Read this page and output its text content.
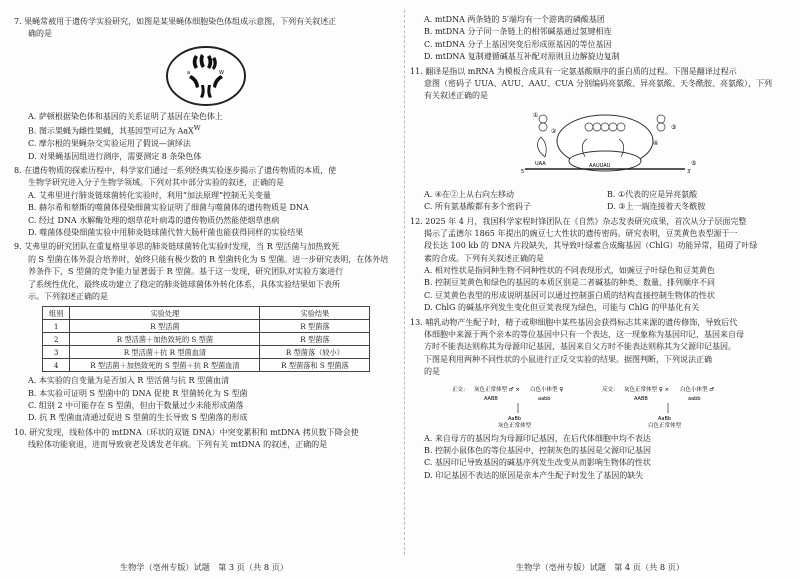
7. 果蝇常被用于遗传学实验研究，如图是某果蝇体细胞染色体组成示意图，下列有关叙述正

确的是

a	W

A. 萨顿根据染色体和基因的关系证明了基因在染色体上

B. 图示果蝇为雌性果蝇，其基因型可记为 AaX$^W$

C. 摩尔根的果蝇杂交实验运用了假说—演绎法

D. 对果蝇基因组进行测序，需要测定 8 条染色体

8. 在遗传物质的探索历程中，科学家们通过一系列经典实验逐步揭示了遗传物质的本质，使

生物学研究进入分子生物学领域。下列对其中部分实验的叙述，正确的是

A. 艾弗里进行肺炎链球菌转化实验时，利用“加法原理”控制无关变量

B. 赫尔希和蔡斯的噬菌体侵染细菌实验证明了细菌与噬菌体的遗传物质是 DNA

C. 经过 DNA 水解酶处理的烟草花叶病毒的遗传物质仍然能使烟草患病

D. 噬菌体侵染细菌实验中用肺炎链球菌代替大肠杆菌也能获得同样的实验结果

9. 艾弗里的研究团队在重复格里菲思的肺炎链球菌转化实验时发现，当 R 型活菌与加热致死

的 S 型菌在体外混合培养时，始终只能有极少数的 R 型菌转化为 S 型菌。进一步研究表明，在体外培

养条件下，S 型菌的竞争能力显著弱于 R 型菌。基于这一发现，研究团队对实验方案进行

了系统性优化，最终成功建立了稳定的肺炎链球菌体外转化体系，具体实验结果如下表所

示。下列叙述正确的是

组别	实验处理	实验结果
1	R 型活菌	R 型菌落
2	R 型活菌＋加热致死的 S 型菌	R 型菌落
3	R 型活菌＋抗 R 型菌血清	R 型菌落（较小）
4	R 型活菌＋加热致死的 S 型菌＋抗 R 型菌血清	R 型菌落和 S 型菌落

A. 本实验的自变量为是否加入 R 型活菌与抗 R 型菌血清

B. 本实验可证明 S 型菌中的 DNA 促使 R 型菌转化为 S 型菌

C. 组别 2 中可能存在 S 型菌，但由于数量过少未能形成菌落

D. 抗 R 型菌血清通过促进 S 型菌的生长导致 S 型菌落的形成

10. 研究发现，线粒体中的 mtDNA（环状的双链 DNA）中突变累积和 mtDNA 拷贝数下降会使

线粒体功能衰退，进而导致衰老及诱发老年病。下列有关 mtDNA 的叙述，正确的是

A. mtDNA 两条链的 5′端均有一个游离的磷酸基团

B. mtDNA 分子同一条链上的相邻碱基通过氢键相连

C. mtDNA 分子上基因突变后形成原基因的等位基因

D. mtDNA 复制遵循碱基互补配对原则且边解旋边复制

11. 翻译是指以 mRNA 为模板合成具有一定氨基酸顺序的蛋白质的过程。下图是翻译过程示

意图（密码子 UUA、AUU、AAU、CUA 分别编码亮氨酸、异亮氨酸、天冬酰胺、亮氨酸），下列

有关叙述正确的是

UAA	AAUUAU
5′	3′
①
②
③
④
⑤
A. ④在②上从右向左移动	B. ①代表的应是异亮氨酸
C. 所有氨基酸都有多个密码子	D. ③上一端连接着天冬酰胺

12. 2025 年 4 月，我国科学家程时锋团队在《自然》杂志发表研究成果，首次从分子层面完整

揭示了孟德尔 1865 年提出的豌豆七大性状的遗传密码。研究表明，豆荚黄色表型源于一

段长达 100 kb 的 DNA 片段缺失，其导致叶绿素合成酶基因（ChlG）功能异常，阻碍了叶绿

素的合成。下列有关叙述正确的是

A. 相对性状是指同种生物不同种性状的不同表现形式，如豌豆子叶绿色和豆荚黄色

B. 控制豆荚黄色和绿色的基因的本质区别是二者碱基的种类、数量、排列顺序不同

C. 豆荚黄色表型的形成说明基因可以通过控制蛋白质的结构直接控制生物体的性状

D. ChlG 的碱基序列发生变化但豆荚表现为绿色，可能与 ChlG 的甲基化有关

13. 哺乳动物产生配子时，精子或卵细胞中某些基因会获得标志其来源的遗传修饰，导致后代

体细胞中来源于两个亲本的等位基因中只有一个表达，这一现象称为基因印记，基因来自母

方时不能表达则称其为母源印记基因，基因来自父方时不能表达则称其为父源印记基因。

下图是利用两种不同性状的小鼠进行正反交实验的结果。据图判断，下列说法正确

的是

正交： 灰色正常体型 ♂ × 白色小体型 ♀
AABB	aabb
AaBb
灰色正常体型
反交： 灰色正常体型 ♀ × 白色小体型 ♂
AABB	aabb
AaBb
白色正常体型

A. 来自母方的基因均为母源印记基因，在后代体细胞中均不表达

B. 控制小鼠体色的等位基因中，控制灰色的基因是父源印记基因

C. 基因印记导致基因的碱基序列发生改变从而影响生物体的性状

D. 印记基因不表达的原因是亲本产生配子时发生了基因的缺失

生物学（亳州专版）试题　第 3 页（共 8 页）	生物学（亳州专版）试题　第 4 页（共 8 页）
